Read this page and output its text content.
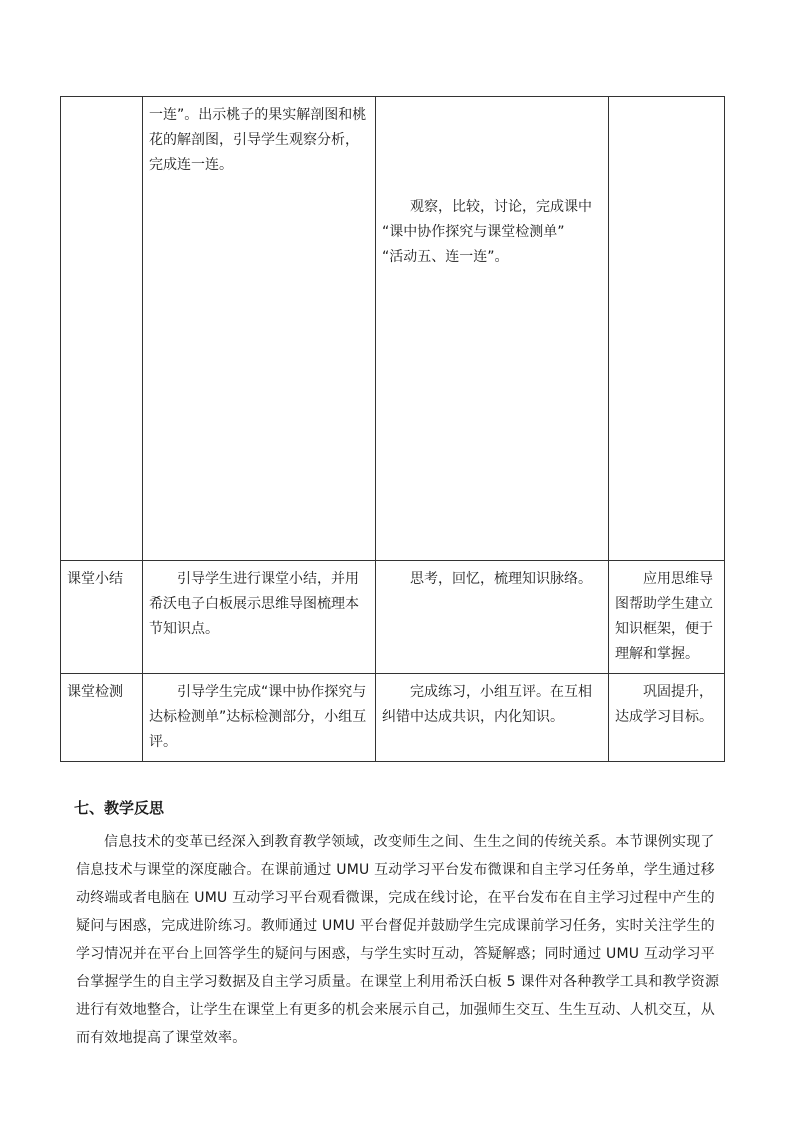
	一连”。出示桃子的果实解剖图和桃花的解剖图，引导学生观察分析，完成连一连。	观察，比较，讨论，完成课中
“课中协作探究与课堂检测单”
“活动五、连一连”。	

课堂小结	引导学生进行课堂小结，并用希沃电子白板展示思维导图梳理本节知识点。	思考，回忆，梳理知识脉络。	应用思维导图帮助学生建立知识框架，便于理解和掌握。
课堂检测	引导学生完成“课中协作探究与达标检测单”达标检测部分，小组互评。	完成练习，小组互评。在互相纠错中达成共识，内化知识。	巩固提升，达成学习目标。
七、教学反思

信息技术的变革已经深入到教育教学领域，改变师生之间、生生之间的传统关系。本节课例实现了信息技术与课堂的深度融合。在课前通过 UMU 互动学习平台发布微课和自主学习任务单，学生通过移动终端或者电脑在 UMU 互动学习平台观看微课，完成在线讨论，在平台发布在自主学习过程中产生的疑问与困惑，完成进阶练习。教师通过 UMU 平台督促并鼓励学生完成课前学习任务，实时关注学生的学习情况并在平台上回答学生的疑问与困惑，与学生实时互动，答疑解惑；同时通过 UMU 互动学习平台掌握学生的自主学习数据及自主学习质量。在课堂上利用希沃白板 5 课件对各种教学工具和教学资源进行有效地整合，让学生在课堂上有更多的机会来展示自己，加强师生交互、生生互动、人机交互，从而有效地提高了课堂效率。
